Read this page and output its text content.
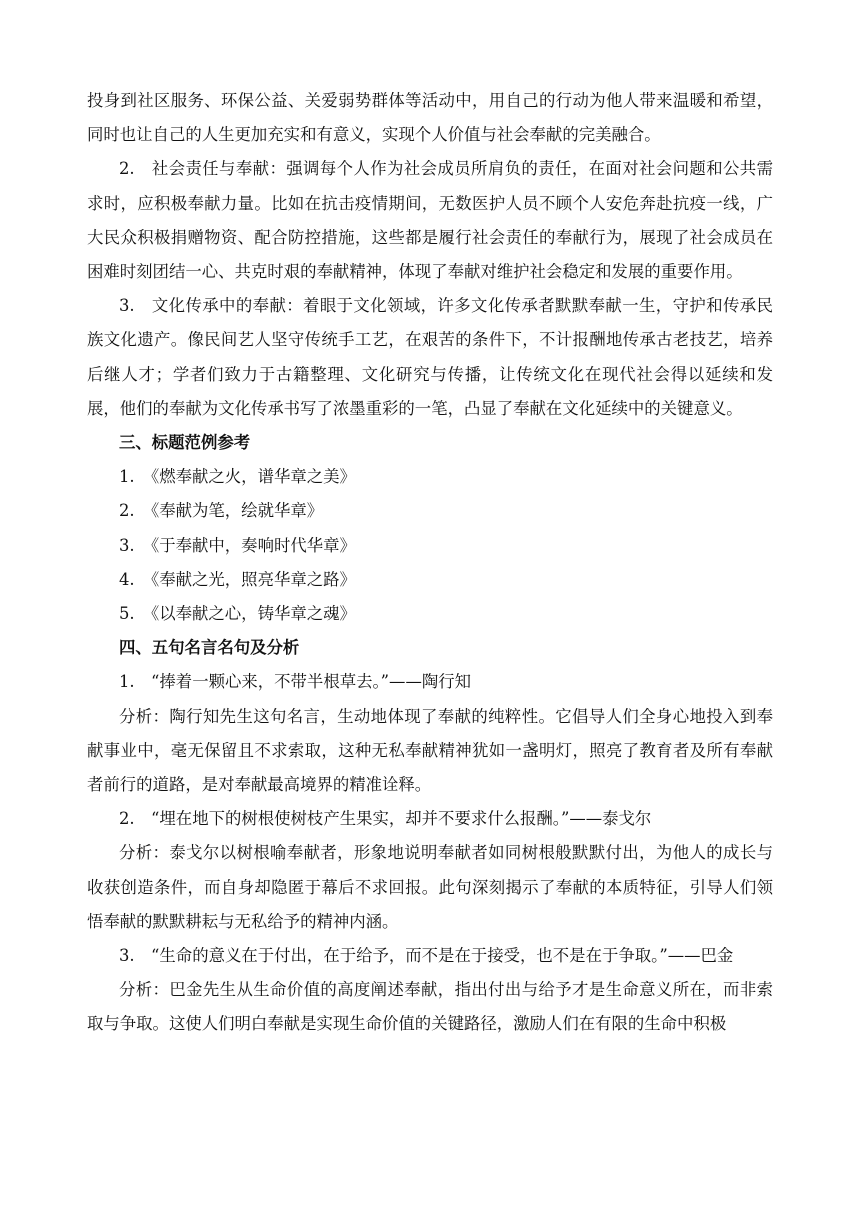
投身到社区服务、环保公益、关爱弱势群体等活动中，用自己的行动为他人带来温暖和希望，同时也让自己的人生更加充实和有意义，实现个人价值与社会奉献的完美融合。

2.　社会责任与奉献：强调每个人作为社会成员所肩负的责任，在面对社会问题和公共需求时，应积极奉献力量。比如在抗击疫情期间，无数医护人员不顾个人安危奔赴抗疫一线，广大民众积极捐赠物资、配合防控措施，这些都是履行社会责任的奉献行为，展现了社会成员在困难时刻团结一心、共克时艰的奉献精神，体现了奉献对维护社会稳定和发展的重要作用。

3.　文化传承中的奉献：着眼于文化领域，许多文化传承者默默奉献一生，守护和传承民族文化遗产。像民间艺人坚守传统手工艺，在艰苦的条件下，不计报酬地传承古老技艺，培养后继人才；学者们致力于古籍整理、文化研究与传播，让传统文化在现代社会得以延续和发展，他们的奉献为文化传承书写了浓墨重彩的一笔，凸显了奉献在文化延续中的关键意义。

三、标题范例参考

1.　《燃奉献之火，谱华章之美》

2.　《奉献为笔，绘就华章》

3.　《于奉献中，奏响时代华章》

4.　《奉献之光，照亮华章之路》

5.　《以奉献之心，铸华章之魂》

四、五句名言名句及分析

1.　“捧着一颗心来，不带半根草去。”——陶行知

分析：陶行知先生这句名言，生动地体现了奉献的纯粹性。它倡导人们全身心地投入到奉献事业中，毫无保留且不求索取，这种无私奉献精神犹如一盏明灯，照亮了教育者及所有奉献者前行的道路，是对奉献最高境界的精准诠释。

2.　“埋在地下的树根使树枝产生果实，却并不要求什么报酬。”——泰戈尔

分析：泰戈尔以树根喻奉献者，形象地说明奉献者如同树根般默默付出，为他人的成长与收获创造条件，而自身却隐匿于幕后不求回报。此句深刻揭示了奉献的本质特征，引导人们领悟奉献的默默耕耘与无私给予的精神内涵。

3.　“生命的意义在于付出，在于给予，而不是在于接受，也不是在于争取。”——巴金

分析：巴金先生从生命价值的高度阐述奉献，指出付出与给予才是生命意义所在，而非索取与争取。这使人们明白奉献是实现生命价值的关键路径，激励人们在有限的生命中积极
